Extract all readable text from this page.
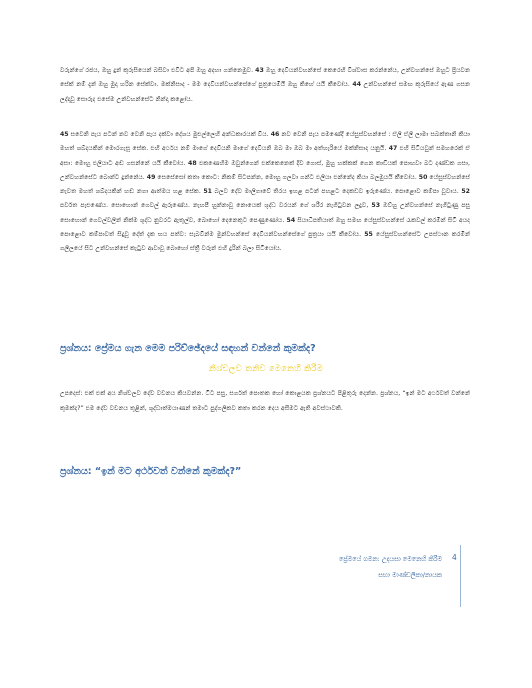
වරුන්ගේ රජය, ඔහු දුන් කුරුසියෙන් බසිවා එවිට අපි ඔහු අදහා ගන්නෙමුව. 43 ඔහු දෙවියන්වහන්සේ කෙරෙහි විශ්වාස කරන්නේය, උන්වහන්සේ ඔහුට ප්‍රියවන සේක් නම් දැන් ඔහු මුදා හරින සේක්වා. මක්නිසාද - මම දෙවියන්වහන්සේගේ පුත්‍රයෙමියි ඔහු කිහේ යයි කීවෝය. 44 උන්වහන්සේ සමඟ කුරුසියේ ඇණ ගසන ලද්දාවූ සොරුද එසේම උන්වහන්සේට නින්දා කළෝය.

45 සවෙනි පැය පටන් නව වෙනි පැය දක්වා දේශය මුළුල්ලෙහි අන්ධකාරයක් විය. 46 නව වෙනි පැය පමණේදී යේසුස්වහන්සේ : ඒලී ඒලී ලාමා සබක්තානි කියා මහත් ශබ්දයකින් මොරගැසූ සේක. එහි අර්ථය නම් මාගේ දෙවියනි මාගේ දෙවියනි ඔබ මා ඔබ මා අත්හැරියේ මක්නිසාද යනුයි. 47 එහි සිටියවුන් සමහරෙක් ඒ අසා: මොහු එලියාට අඬ ගසන්නේ යයි කීවෝය. 48 එකණෙහිම ඔවුන්ගෙන් එක්කෙනෙක් දිව ගොස්, මුහු හක්කක් ගෙන කාඩියක් පොඟවා බට දණ්ඩක ගසා, උන්වහන්සේට බොන්ට දුන්නේය. 49 සෙසේසෝ කතා කොට: නිකම් සිටපන්න, මොහු ගලවා ගන්ට එලියා එන්නේද කියා බලමුයයි කීවෝය. 50 යේසුස්වහන්සේ නැවත මහත් ශබ්දයකින් හඬ නගා ආත්මය හළ සේක. 51 බලව දේව මාලිගාවේ තිරය ඉහළ පටන් පහළට දෙකඩව ඉරුණේය. පොළොව කම්පා වූවාය. 52 පර්වත පැළුණේය. සොහොන් ගෙවල් ඇරුණේය. නැහපී හුන්නාවූ නොයෙක් ශුද්ධ වරයන් ගේ ශරීර නැගිටුවන ලදුව, 53 ඔව්හු උන්වහන්සේ නැගිටුණු පසු සොහොන් ගෙවල්වලින් නික්ම ශුද්ධ නුවරට ඇතුල්ව, බොහෝ දෙනෙකුට පෙණුණෝය. 54 සියාධිපතියාත් ඔහු සමඟ යේසුස්වහන්සේ රැකවල් කරමින් සිටි අයද පොළොව කම්පාවත් සිදුවූ දේත් දැක භය පත්ව: සැබවින්ම මුන්වහන්සේ දෙවියන්වහන්සේගේ පුත්‍රයා යයි කීවෝය. 55 යේසුස්වහන්සේට උපස්ථාන කරමින් ගලීලයේ සිට උන්වහන්සේ කැටුව ආවාවූ බොහෝ ස්ත්‍රී වරුන් එහි දුරින් බලා සිටියෝය.

ප්‍රශ්නය: ප්‍රේමය ගැන මෙම පරිච්ඡේදයේ සඳහන් වන්නේ කුමක්ද?
නිශ්චලව තනිව මෙනෙහි කිරීම

උපදෙස්: එක් එක් අය නිශ්චලව දේව වචනය කියවන්න. ටිට පසු, සර්ගත් පොතක හෝ කොළයක ප්‍රශ්නයට පිළිතුරු දෙන්න. ප්‍රශ්නය, “ඉන් මට අර්ථවත් වන්නේ කුමක්ද?” එම දේව වචනය තුළින්, ශුද්ධාත්මයාණන් තමාට පුද්ගලිකව කතා කරන දෙය අසීමට ඇති අවස්ථාවකි.

ප්‍රශ්නය: “ඉන් මට අර්ථවත් වන්නේ කුමක්ද?”
ප්‍රේමයේ ගමන: උදයසා මෙනෙහි කිරීම
සභා මාණ්ඩලිකා/නායක
4
